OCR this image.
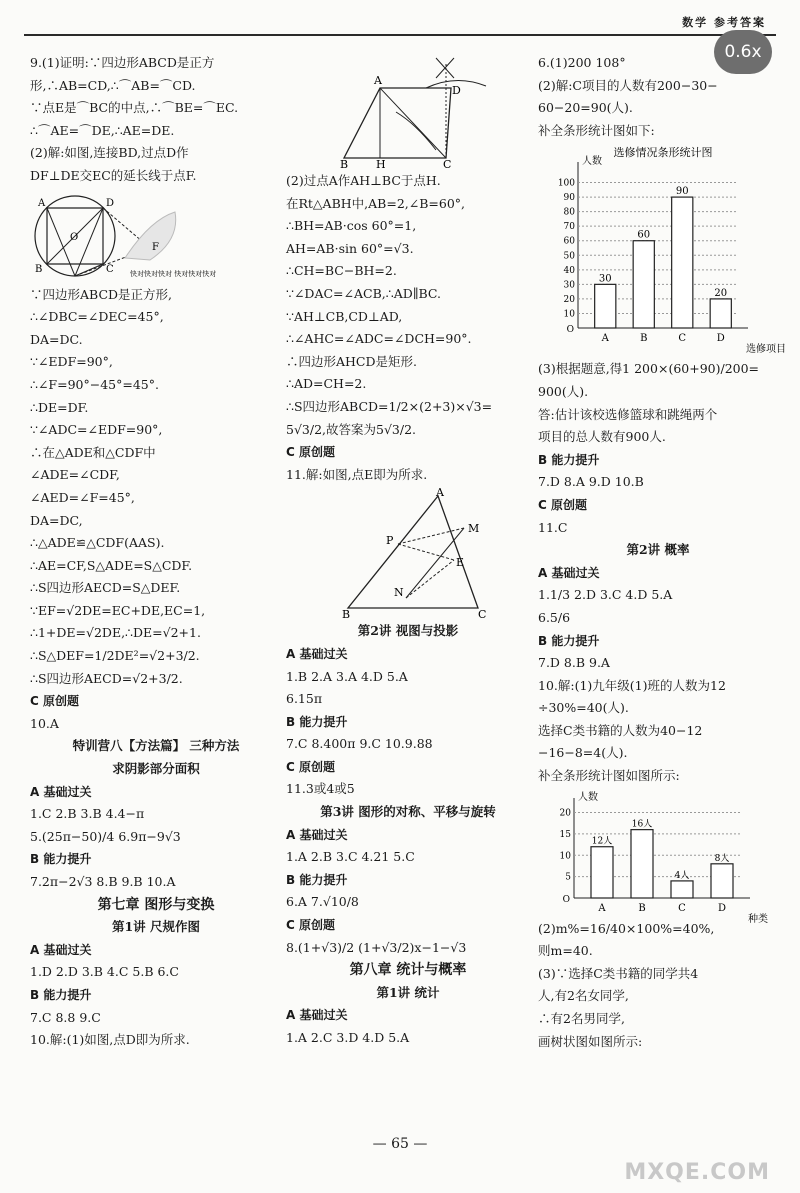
数学 参考答案
0.6x
9.(1)证明:∵四边形ABCD是正方
形,∴AB=CD,∴⌒AB=⌒CD.
∵点E是⌒BC的中点,∴⌒BE=⌒EC.
∴⌒AE=⌒DE,∴AE=DE.
(2)解:如图,连接BD,过点D作
DF⊥DE交EC的延长线于点F.
A	D
B	C
O
F
快对快对快对 快对快对快对
∵四边形ABCD是正方形,
∴∠DBC=∠DEC=45°,
DA=DC.
∵∠EDF=90°,
∴∠F=90°−45°=45°.
∴DE=DF.
∵∠ADC=∠EDF=90°,
∴在△ADE和△CDF中
∠ADE=∠CDF,
∠AED=∠F=45°,
DA=DC,
∴△ADE≌△CDF(AAS).
∴AE=CF,S△ADE=S△CDF.
∴S四边形AECD=S△DEF.
∵EF=√2DE=EC+DE,EC=1,
∴1+DE=√2DE,∴DE=√2+1.
∴S△DEF=1/2DE²=√2+3/2.
∴S四边形AECD=√2+3/2.
C 原创题
10.A
特训营八【方法篇】 三种方法
求阴影部分面积
A 基础过关
1.C 2.B 3.B 4.4−π
5.(25π−50)/4 6.9π−9√3
B 能力提升
7.2π−2√3 8.B 9.B 10.A
第七章 图形与变换
第1讲 尺规作图
A 基础过关
1.D 2.D 3.B 4.C 5.B 6.C
B 能力提升
7.C 8.8 9.C
10.解:(1)如图,点D即为所求.
A
D
B	H	C
(2)过点A作AH⊥BC于点H.
在Rt△ABH中,AB=2,∠B=60°,
∴BH=AB·cos 60°=1,
AH=AB·sin 60°=√3.
∴CH=BC−BH=2.
∵∠DAC=∠ACB,∴AD∥BC.
∵AH⊥CB,CD⊥AD,
∴∠AHC=∠ADC=∠DCH=90°.
∴四边形AHCD是矩形.
∴AD=CH=2.
∴S四边形ABCD=1/2×(2+3)×√3=
5√3/2,故答案为5√3/2.
C 原创题
11.解:如图,点E即为所求.
A
P
M
E
N
B	C
第2讲 视图与投影
A 基础过关
1.B 2.A 3.A 4.D 5.A
6.15π
B 能力提升
7.C 8.400π 9.C 10.9.88
C 原创题
11.3或4或5
第3讲 图形的对称、平移与旋转
A 基础过关
1.A 2.B 3.C 4.21 5.C
B 能力提升
6.A 7.√10/8
C 原创题
8.(1+√3)/2 (1+√3/2)x−1−√3
第八章 统计与概率
第1讲 统计
A 基础过关
1.A 2.C 3.D 4.D 5.A
6.(1)200 108°
(2)解:C项目的人数有200−30−
60−20=90(人).
补全条形统计图如下:
选修情况条形统计图
人数
选修项目
O
10
20
30
40
50
60
70
80
90
100
A
30
B
60
C
90
D
20
(3)根据题意,得1 200×(60+90)/200=
900(人).
答:估计该校选修篮球和跳绳两个
项目的总人数有900人.
B 能力提升
7.D 8.A 9.D 10.B
C 原创题
11.C
第2讲 概率
A 基础过关
1.1/3 2.D 3.C 4.D 5.A
6.5/6
B 能力提升
7.D 8.B 9.A
10.解:(1)九年级(1)班的人数为12
÷30%=40(人).
选择C类书籍的人数为40−12
−16−8=4(人).
补全条形统计图如图所示:
人数
种类
O
5
10
15
20
A
12人
B
16人
C
4人
D
8人
(2)m%=16/40×100%=40%,
则m=40.
(3)∵选择C类书籍的同学共4
人,有2名女同学,
∴有2名男同学,
画树状图如图所示:
— 65 —
MXQE.COM
